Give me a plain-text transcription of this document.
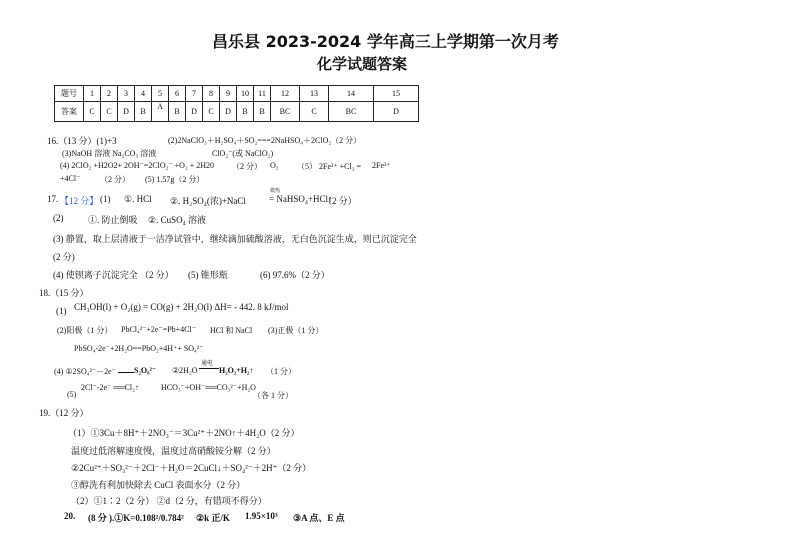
昌乐县 2023-2024 学年高三上学期第一次月考
化学试题答案
题号	1	2	3	4	5	6	7	8	9	10	11	12	13	14	15
答案	C	C	D	B	A	B	D	C	D	B	B	BC	C	BC	D
16.（13 分）(1)+3	(2)2NaClO₃＋H₂SO₄＋SO₂===2NaHSO₄＋2ClO₂（2 分）
(3)NaOH 溶液 Na₂CO₃ 溶液	ClO₂⁻(或 NaClO₂)
(4) 2ClO₂ +H2O2+ 2OH⁻=2ClO₂⁻ +O₂ + 2H20 （2 分） O₂ （5） 2Fe²⁺ +Cl₂ = 2Fe³⁺
+4Cl⁻ （2 分） (5) 1.57g（2 分）
17. 【12 分】 (1) ①. HCl ②. H₂SO₄(浓)+NaCl
微热
= NaHSO₄+HCl↑
（2 分）
(2)	①. 防止倒吸 ②. CuSO₄ 溶液
(3) 静置，取上层清液于一洁净试管中，继续滴加硫酸溶液，无白色沉淀生成，则已沉淀完全
(2 分)
(4) 使钡离子沉淀完全 （2 分） (5) 锥形瓶	(6) 97.6%（2 分）
18.（15 分）
(1) CH₃OH(l) + O₂(g) = CO(g) + 2H₂O(l) ΔH= - 442. 8 kJ/mol
(2)阳极（1 分） PbCl₄²⁻+2e⁻=Pb+4Cl⁻ HCl 和 NaCl (3)正极（1 分）
PbSO₄-2e⁻+2H₂O==PbO₂+4H⁺+ SO₄²⁻
(4) ①2SO₄²⁻－2e⁻ S₂O₈²⁻ ②2H₂O
通电
H₂O₂+H₂↑ （1 分）
(5)
2Cl⁻-2e⁻ ══Cl₂↑	HCO₃⁻+OH⁻══CO₃²⁻+H₂O
（各 1 分）
19.（12 分）
（1）①3Cu＋8H⁺＋2NO₃⁻＝3Cu²⁺＋2NO↑＋4H₂O（2 分）
温度过低溶解速度慢，温度过高硝酸铵分解（2 分）
②2Cu²⁺＋SO₃²⁻＋2Cl⁻＋H₂O＝2CuCl↓＋SO₄²⁻＋2H⁺（2 分）
③醇洗有利加快除去 CuCl 表面水分（2 分）
（2）①1∶2（2 分） ②d（2 分，有错项不得分）
20. (8 分 ).①K=0.108²/0.784² ②k 正/K 1.95×10³ ③A 点、E 点
